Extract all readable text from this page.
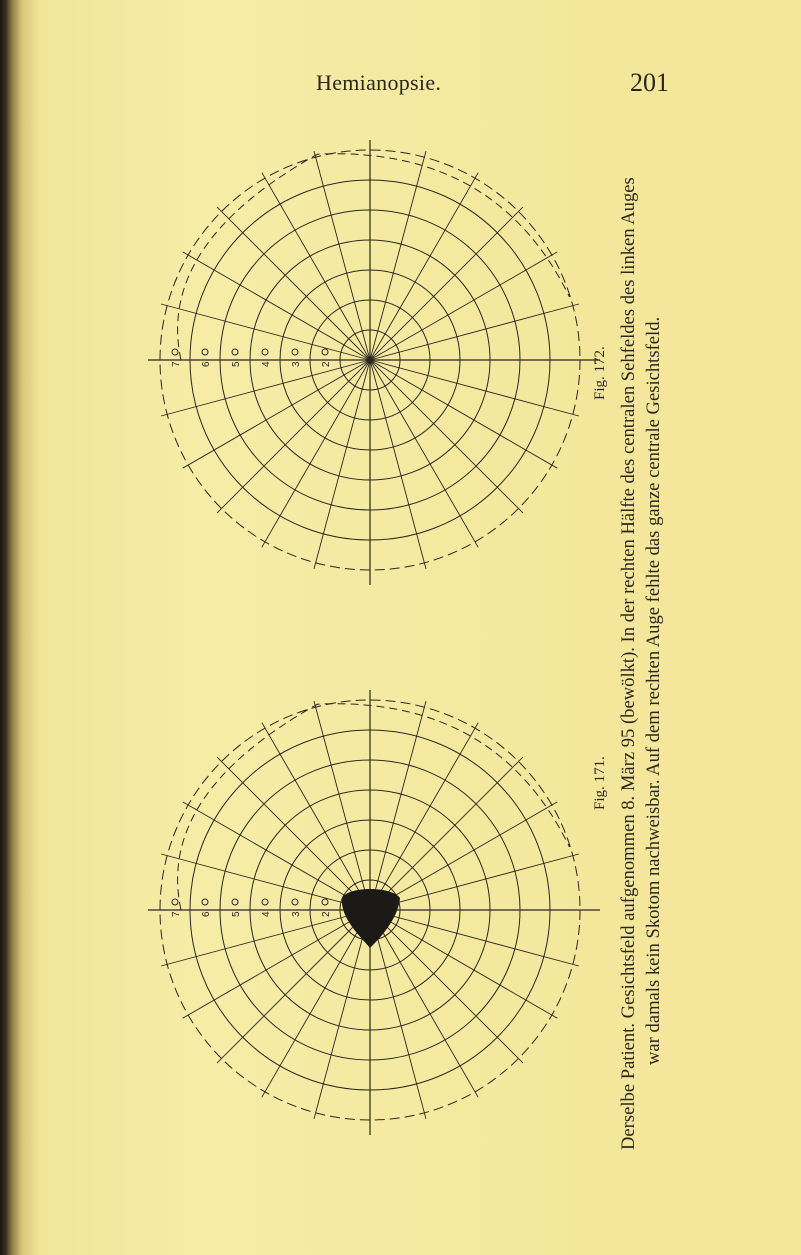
Hemianopsie.	201
7 6 5 4 3 2	Fig. 172.
7 6 5 4 3 2
Fig. 171. Derselbe Patient. Gesichtsfeld aufgenommen 8. März 95 (bewölkt). In der rechten Hälfte des centralen Sehfeldes des linken Auges war damals kein Skotom nachweisbar. Auf dem rechten Auge fehlte das ganze centrale Gesichtsfeld.
